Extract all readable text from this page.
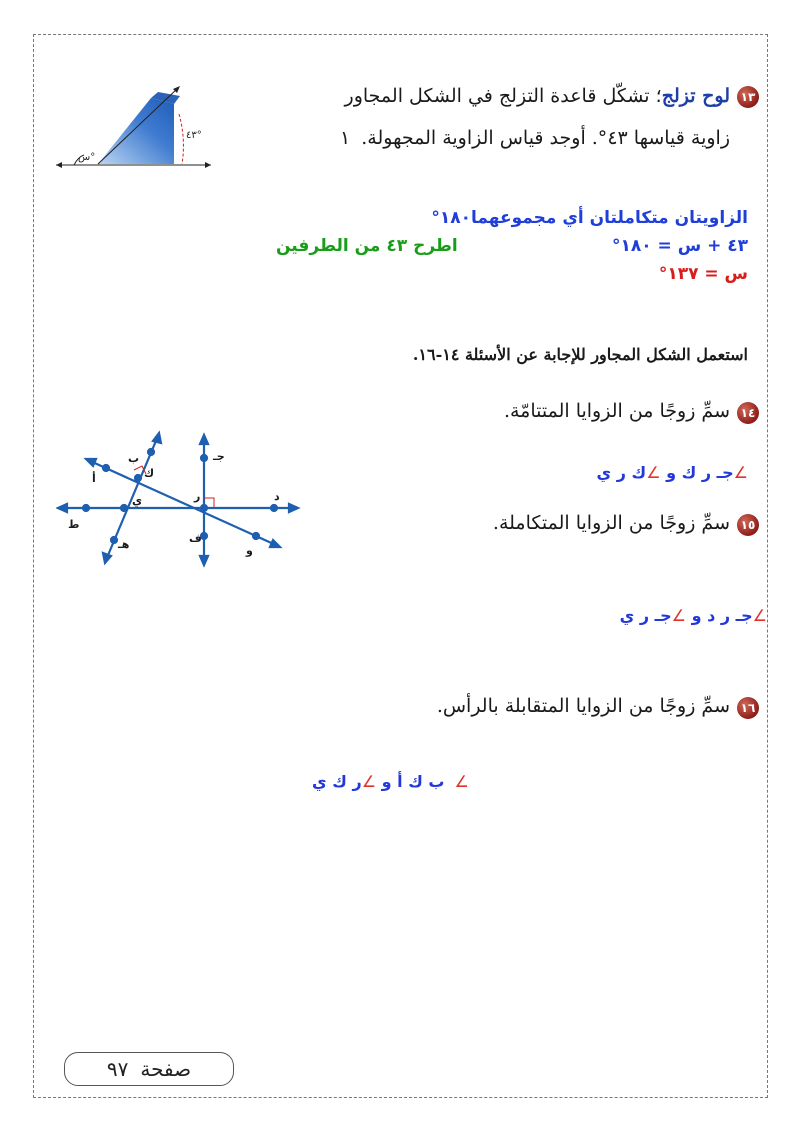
١٣
لوح تزلج؛ تشكّل قاعدة التزلج في الشكل المجاور
زاوية قياسها ٤٣°. أوجد قياس الزاوية المجهولة.
١
٤٣°
س°
الزاويتان متكاملتان أي مجموعهما١٨٠°
٤٣ + س = ١٨٠°
اطرح ٤٣ من الطرفين
س = ١٣٧°
استعمل الشكل المجاور للإجابة عن الأسئلة ١٤-١٦.
١٤
سمِّ زوجًا من الزوايا المتتامّة.
∠جـ ر ك و ∠ك ر ي
١٥
سمِّ زوجًا من الزوايا المتكاملة.
∠جـ ر د و ∠جـ ر ي
١٦
سمِّ زوجًا من الزوايا المتقابلة بالرأس.
∠ب ك أ و ∠ر ك ي
ب
أ	ك
ي
ط
هـ
جـ
ر	د
ف
و
صفحة
٩٧
